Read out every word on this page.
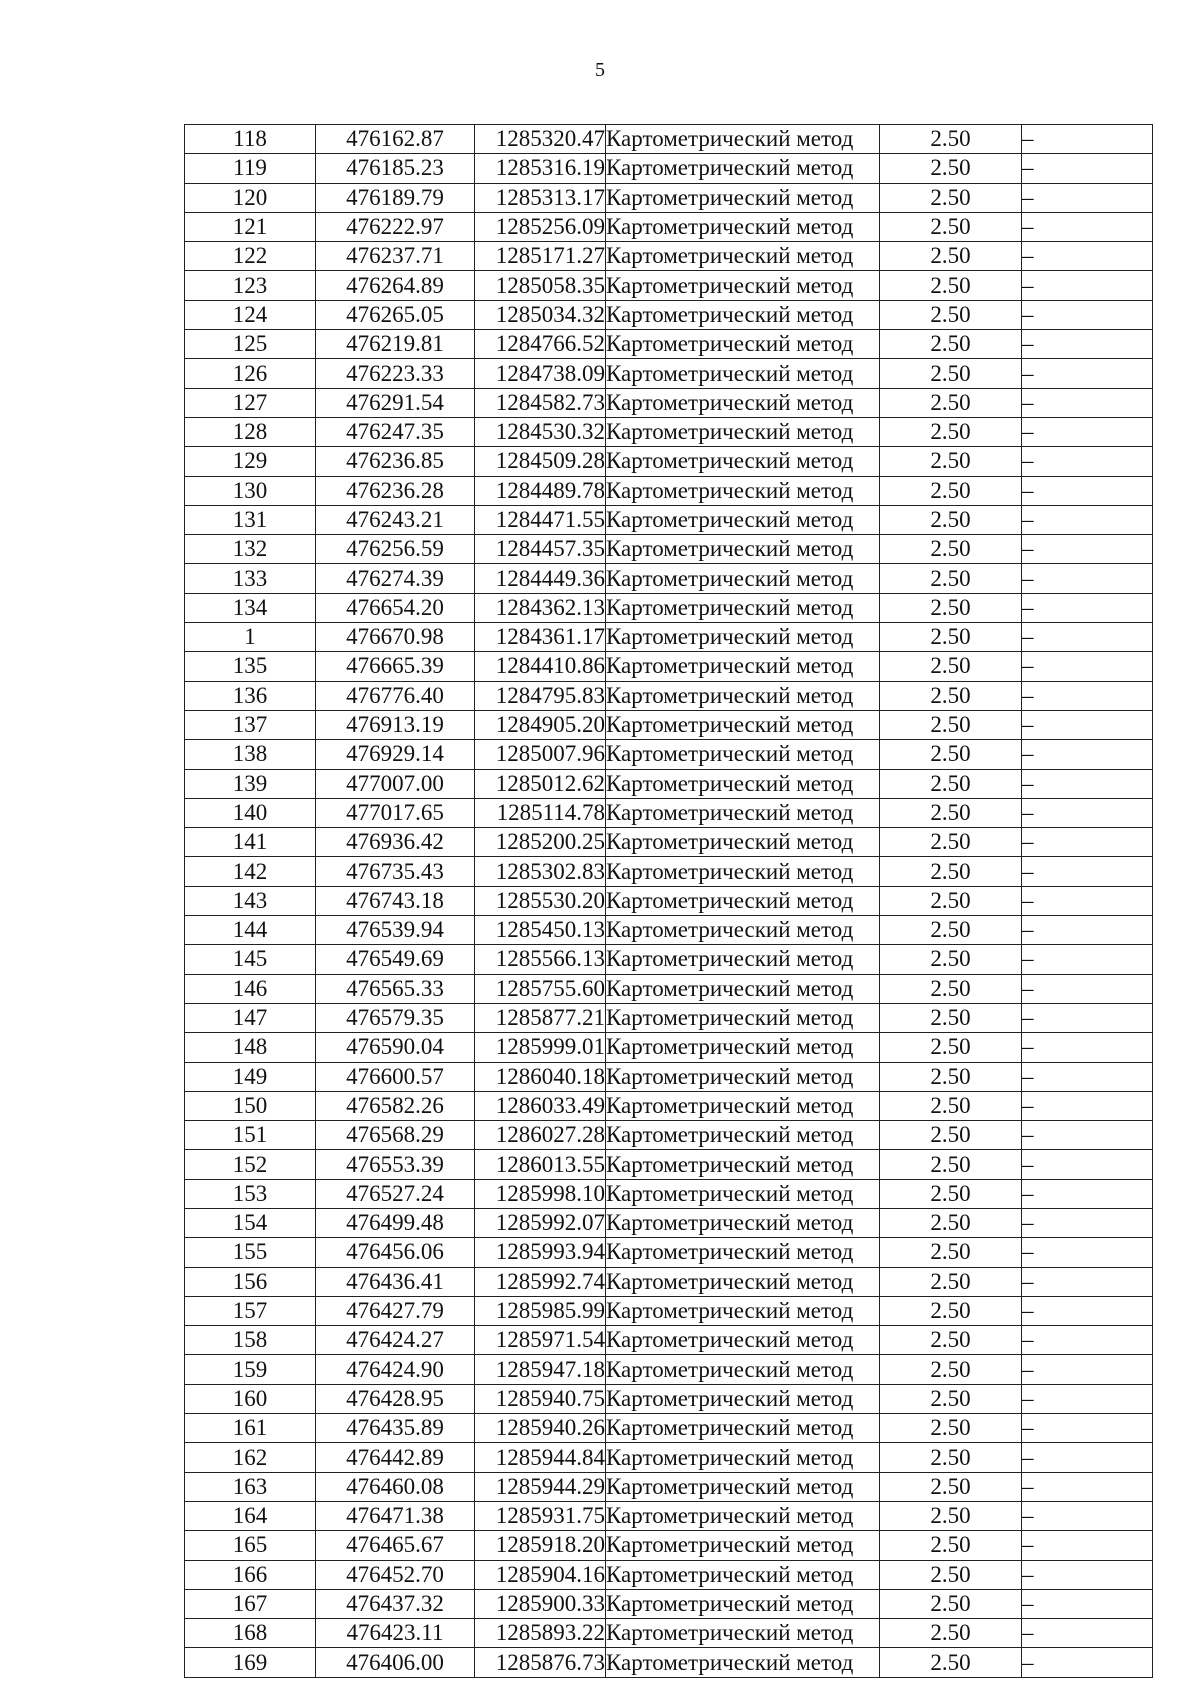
5
118	476162.87	1285320.47	Картометрический метод	2.50	–
119	476185.23	1285316.19	Картометрический метод	2.50	–
120	476189.79	1285313.17	Картометрический метод	2.50	–
121	476222.97	1285256.09	Картометрический метод	2.50	–
122	476237.71	1285171.27	Картометрический метод	2.50	–
123	476264.89	1285058.35	Картометрический метод	2.50	–
124	476265.05	1285034.32	Картометрический метод	2.50	–
125	476219.81	1284766.52	Картометрический метод	2.50	–
126	476223.33	1284738.09	Картометрический метод	2.50	–
127	476291.54	1284582.73	Картометрический метод	2.50	–
128	476247.35	1284530.32	Картометрический метод	2.50	–
129	476236.85	1284509.28	Картометрический метод	2.50	–
130	476236.28	1284489.78	Картометрический метод	2.50	–
131	476243.21	1284471.55	Картометрический метод	2.50	–
132	476256.59	1284457.35	Картометрический метод	2.50	–
133	476274.39	1284449.36	Картометрический метод	2.50	–
134	476654.20	1284362.13	Картометрический метод	2.50	–
1	476670.98	1284361.17	Картометрический метод	2.50	–
135	476665.39	1284410.86	Картометрический метод	2.50	–
136	476776.40	1284795.83	Картометрический метод	2.50	–
137	476913.19	1284905.20	Картометрический метод	2.50	–
138	476929.14	1285007.96	Картометрический метод	2.50	–
139	477007.00	1285012.62	Картометрический метод	2.50	–
140	477017.65	1285114.78	Картометрический метод	2.50	–
141	476936.42	1285200.25	Картометрический метод	2.50	–
142	476735.43	1285302.83	Картометрический метод	2.50	–
143	476743.18	1285530.20	Картометрический метод	2.50	–
144	476539.94	1285450.13	Картометрический метод	2.50	–
145	476549.69	1285566.13	Картометрический метод	2.50	–
146	476565.33	1285755.60	Картометрический метод	2.50	–
147	476579.35	1285877.21	Картометрический метод	2.50	–
148	476590.04	1285999.01	Картометрический метод	2.50	–
149	476600.57	1286040.18	Картометрический метод	2.50	–
150	476582.26	1286033.49	Картометрический метод	2.50	–
151	476568.29	1286027.28	Картометрический метод	2.50	–
152	476553.39	1286013.55	Картометрический метод	2.50	–
153	476527.24	1285998.10	Картометрический метод	2.50	–
154	476499.48	1285992.07	Картометрический метод	2.50	–
155	476456.06	1285993.94	Картометрический метод	2.50	–
156	476436.41	1285992.74	Картометрический метод	2.50	–
157	476427.79	1285985.99	Картометрический метод	2.50	–
158	476424.27	1285971.54	Картометрический метод	2.50	–
159	476424.90	1285947.18	Картометрический метод	2.50	–
160	476428.95	1285940.75	Картометрический метод	2.50	–
161	476435.89	1285940.26	Картометрический метод	2.50	–
162	476442.89	1285944.84	Картометрический метод	2.50	–
163	476460.08	1285944.29	Картометрический метод	2.50	–
164	476471.38	1285931.75	Картометрический метод	2.50	–
165	476465.67	1285918.20	Картометрический метод	2.50	–
166	476452.70	1285904.16	Картометрический метод	2.50	–
167	476437.32	1285900.33	Картометрический метод	2.50	–
168	476423.11	1285893.22	Картометрический метод	2.50	–
169	476406.00	1285876.73	Картометрический метод	2.50	–
